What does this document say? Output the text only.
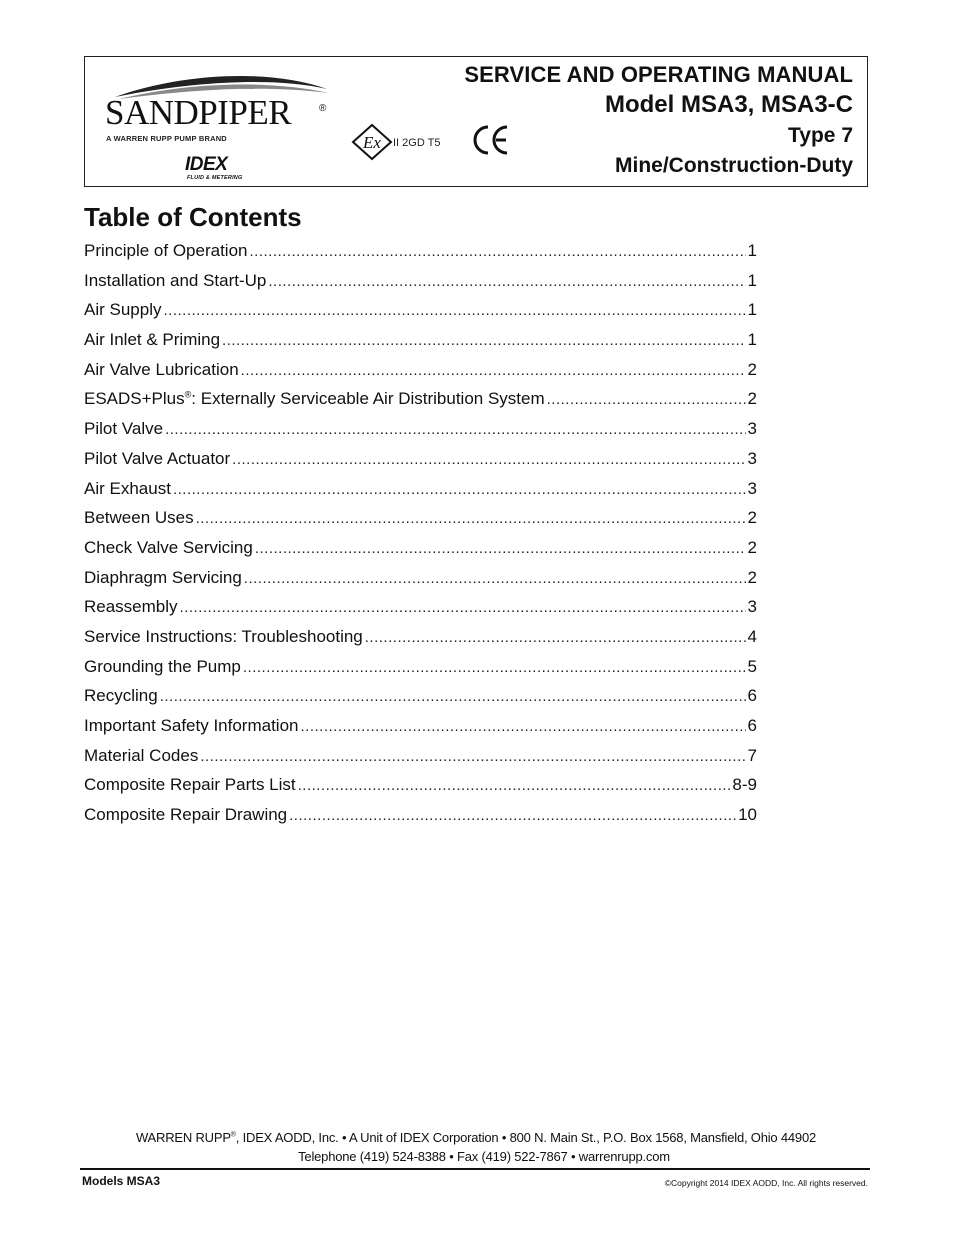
SANDPIPER	®
A WARREN RUPP PUMP BRAND
IDEX
FLUID & METERING
Ex II 2GD T5
SERVICE AND OPERATING MANUAL
Model MSA3, MSA3-C
Type 7
Mine/Construction-Duty
Table of Contents
Principle of Operation .....	1
Installation and Start-Up .....	1
Air Supply .....	1
Air Inlet & Priming .....	1
Air Valve Lubrication .....	2
ESADS+Plus®: Externally Serviceable Air Distribution System .....	2
Pilot Valve .....	3
Pilot Valve Actuator .....	3
Air Exhaust .....	3
Between Uses .....	2
Check Valve Servicing .....	2
Diaphragm Servicing .....	2
Reassembly .....	3
Service Instructions: Troubleshooting .....	4
Grounding the Pump .....	5
Recycling .....	6
Important Safety Information .....	6
Material Codes .....	7
Composite Repair Parts List .....	8-9
Composite Repair Drawing .....	10
WARREN RUPP®, IDEX AODD, Inc. • A Unit of IDEX Corporation • 800 N. Main St., P.O. Box 1568, Mansfield, Ohio 44902
Telephone (419) 524-8388 • Fax (419) 522-7867 • warrenrupp.com
Models MSA3	©Copyright 2014 IDEX AODD, Inc. All rights reserved.
